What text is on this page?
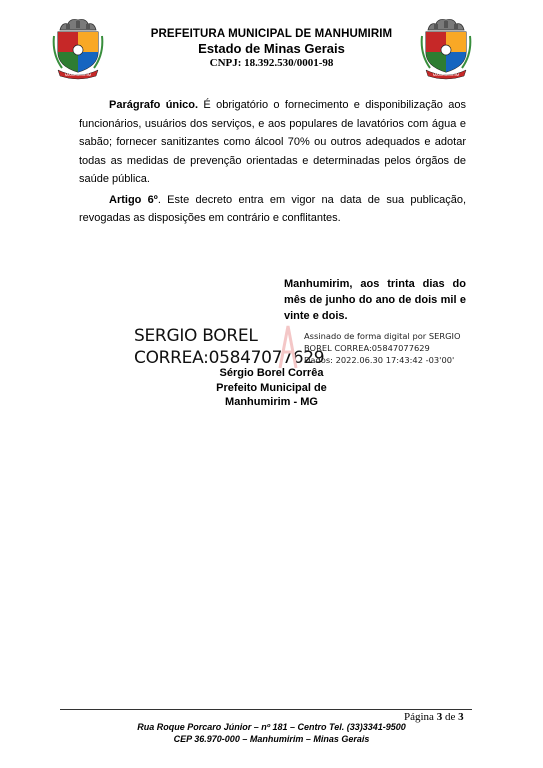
MANHUMIRIM	MANHUMIRIM
PREFEITURA MUNICIPAL DE MANHUMIRIM
Estado de Minas Gerais
CNPJ: 18.392.530/0001-98

Parágrafo único. É obrigatório o fornecimento e disponibilização aos funcionários, usuários dos serviços, e aos populares de lavatórios com água e sabão; fornecer sanitizantes como álcool 70% ou outros adequados e adotar todas as medidas de prevenção orientadas e determinadas pelos órgãos de saúde pública.

Artigo 6º. Este decreto entra em vigor na data de sua publicação, revogadas as disposições em contrário e conflitantes.

Manhumirim, aos trinta dias do mês de junho do ano de dois mil e vinte e dois.
SERGIO BOREL
CORREA:05847077629
Assinado de forma digital por SERGIO
BOREL CORREA:05847077629
Dados: 2022.06.30 17:43:42 -03'00'
Sérgio Borel Corrêa
Prefeito Municipal de
Manhumirim - MG
Página 3 de 3
Rua Roque Porcaro Júnior – nº 181 – Centro Tel. (33)3341-9500
CEP 36.970-000 – Manhumirim – Minas Gerais
